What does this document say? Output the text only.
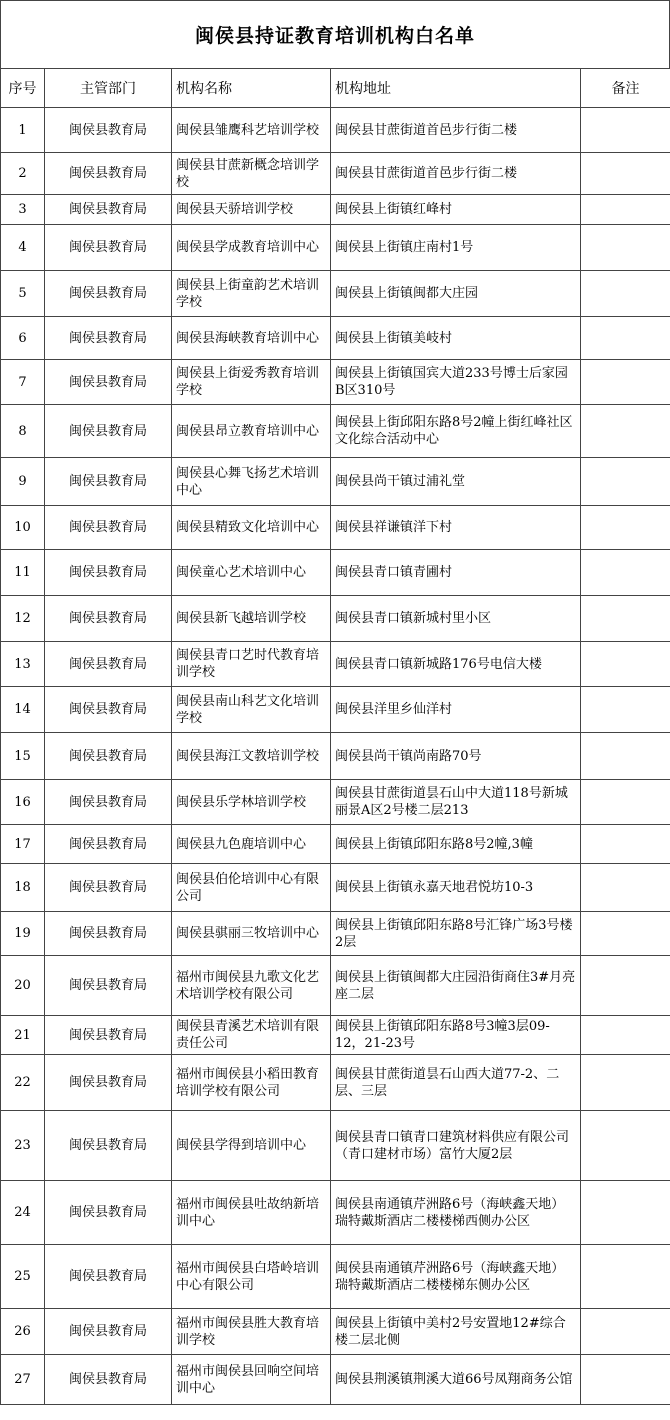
闽侯县持证教育培训机构白名单
序号	主管部门	机构名称	机构地址	备注
1	闽侯县教育局	闽侯县雏鹰科艺培训学校	闽侯县甘蔗街道首邑步行街二楼	
2	闽侯县教育局	闽侯县甘蔗新概念培训学校	闽侯县甘蔗街道首邑步行街二楼	
3	闽侯县教育局	闽侯县天骄培训学校	闽侯县上街镇红峰村	
4	闽侯县教育局	闽侯县学成教育培训中心	闽侯县上街镇庄南村1号	
5	闽侯县教育局	闽侯县上街童韵艺术培训学校	闽侯县上街镇闽都大庄园	
6	闽侯县教育局	闽侯县海峡教育培训中心	闽侯县上街镇美岐村	
7	闽侯县教育局	闽侯县上街爱秀教育培训学校	闽侯县上街镇国宾大道233号博士后家园B区310号	
8	闽侯县教育局	闽侯县昂立教育培训中心	闽侯县上街邱阳东路8号2幢上街红峰社区文化综合活动中心	
9	闽侯县教育局	闽侯县心舞飞扬艺术培训中心	闽侯县尚干镇过浦礼堂	
10	闽侯县教育局	闽侯县精致文化培训中心	闽侯县祥谦镇洋下村	
11	闽侯县教育局	闽侯童心艺术培训中心	闽侯县青口镇青圃村	
12	闽侯县教育局	闽侯县新飞越培训学校	闽侯县青口镇新城村里小区	
13	闽侯县教育局	闽侯县青口艺时代教育培训学校	闽侯县青口镇新城路176号电信大楼	
14	闽侯县教育局	闽侯县南山科艺文化培训学校	闽侯县洋里乡仙洋村	
15	闽侯县教育局	闽侯县海江文教培训学校	闽侯县尚干镇尚南路70号	
16	闽侯县教育局	闽侯县乐学林培训学校	闽侯县甘蔗街道昙石山中大道118号新城丽景A区2号楼二层213	
17	闽侯县教育局	闽侯县九色鹿培训中心	闽侯县上街镇邱阳东路8号2幢,3幢	
18	闽侯县教育局	闽侯县伯伦培训中心有限公司	闽侯县上街镇永嘉天地君悦坊10-3	
19	闽侯县教育局	闽侯县骐丽三牧培训中心	闽侯县上街镇邱阳东路8号汇锋广场3号楼2层	
20	闽侯县教育局	福州市闽侯县九歌文化艺术培训学校有限公司	闽侯县上街镇闽都大庄园沿街商住3#月亮座二层	
21	闽侯县教育局	闽侯县青溪艺术培训有限责任公司	闽侯县上街镇邱阳东路8号3幢3层09-12，21-23号	
22	闽侯县教育局	福州市闽侯县小稻田教育培训学校有限公司	闽侯县甘蔗街道昙石山西大道77-2、二层、三层	
23	闽侯县教育局	闽侯县学得到培训中心	闽侯县青口镇青口建筑材料供应有限公司（青口建材市场）富竹大厦2层	
24	闽侯县教育局	福州市闽侯县吐故纳新培训中心	闽侯县南通镇芹洲路6号（海峡鑫天地）瑞特戴斯酒店二楼楼梯西侧办公区	
25	闽侯县教育局	福州市闽侯县白塔岭培训中心有限公司	闽侯县南通镇芹洲路6号（海峡鑫天地）瑞特戴斯酒店二楼楼梯东侧办公区	
26	闽侯县教育局	福州市闽侯县胜大教育培训学校	闽侯县上街镇中美村2号安置地12#综合楼二层北侧	
27	闽侯县教育局	福州市闽侯县回响空间培训中心	闽侯县荆溪镇荆溪大道66号凤翔商务公馆	
